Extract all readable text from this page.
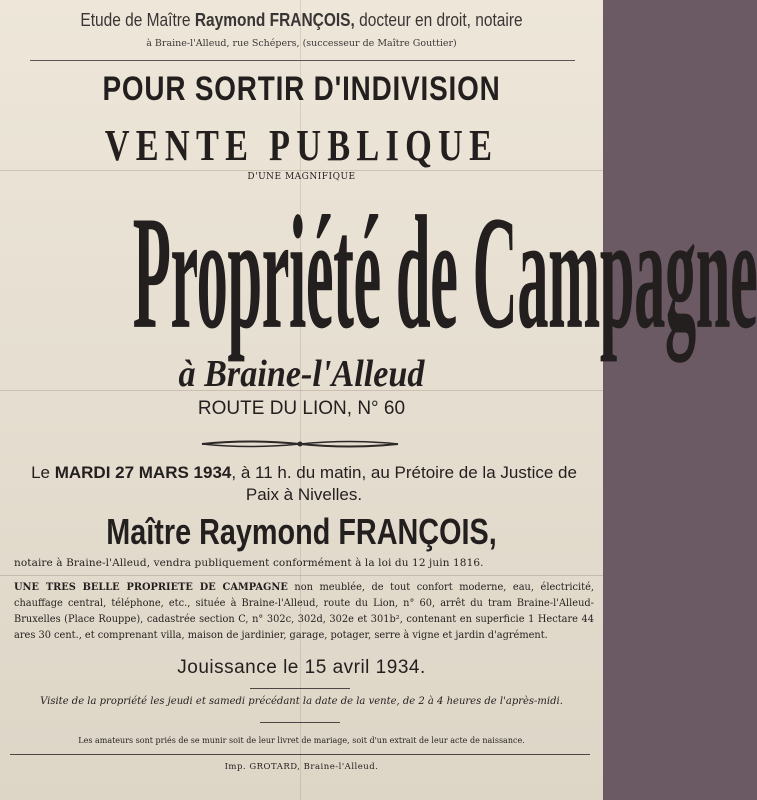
Etude de Maître Raymond FRANÇOIS, docteur en droit, notaire
à Braine-l'Alleud, rue Schépers, (successeur de Maître Gouttier)
POUR SORTIR D'INDIVISION
VENTE PUBLIQUE
D'UNE MAGNIFIQUE
Propriété de Campagne
à Braine-l'Alleud
ROUTE DU LION, N° 60
Le MARDI 27 MARS 1934, à 11 h. du matin, au Prétoire de la Justice de Paix à Nivelles.
Maître Raymond FRANÇOIS,
notaire à Braine-l'Alleud, vendra publiquement conformément à la loi du 12 juin 1816.
UNE TRES BELLE PROPRIETE DE CAMPAGNE non meublée, de tout confort moderne, eau, électricité, chauffage central, téléphone, etc., située à Braine-l'Alleud, route du Lion, n° 60, arrêt du tram Braine-l'Alleud-Bruxelles (Place Rouppe), cadastrée section C, n° 302c, 302d, 302e et 301b², contenant en superficie 1 Hectare 44 ares 30 cent., et comprenant villa, maison de jardinier, garage, potager, serre à vigne et jardin d'agrément.
Jouissance le 15 avril 1934.
Visite de la propriété les jeudi et samedi précédant la date de la vente, de 2 à 4 heures de l'après-midi.
Les amateurs sont priés de se munir soit de leur livret de mariage, soit d'un extrait de leur acte de naissance.
Imp. GROTARD, Braine-l'Alleud.
